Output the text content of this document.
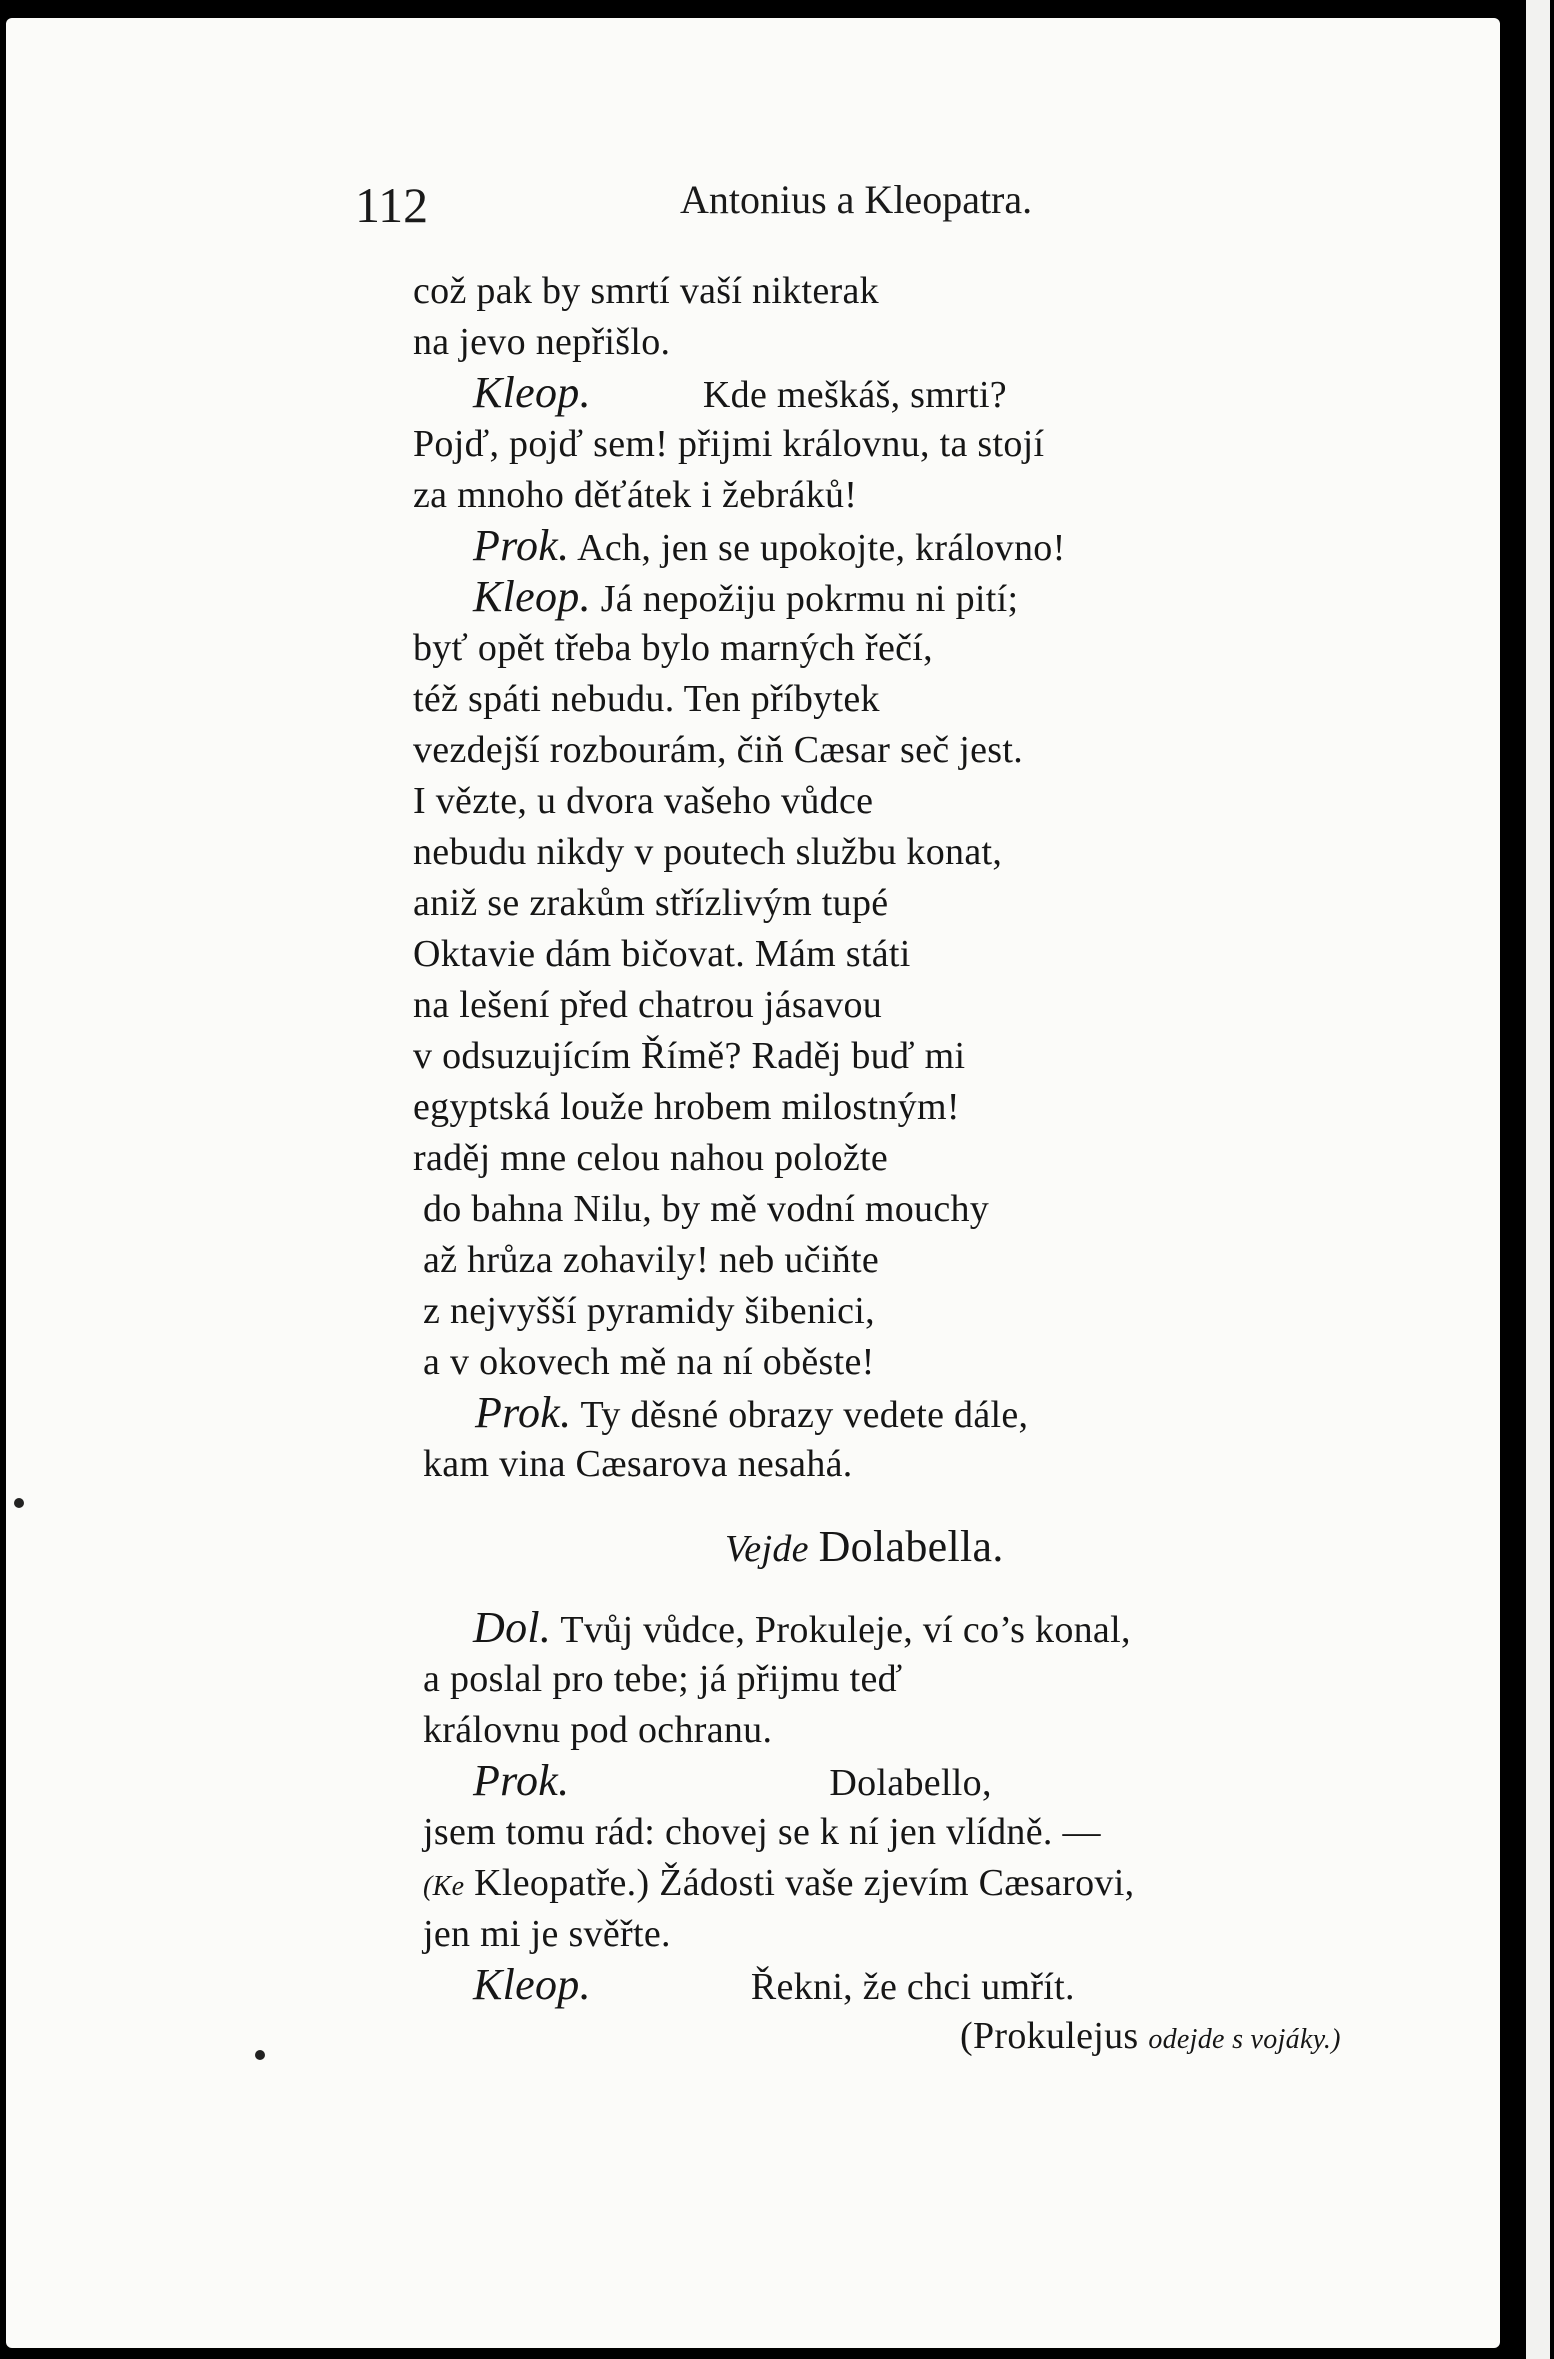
112	Antonius a Kleopatra.
což pak by smrtí vaší nikterak
na jevo nepřišlo.
Kleop.	Kde meškáš, smrti?
Pojď, pojď sem! přijmi královnu, ta stojí
za mnoho děťátek i žebráků!
Prok. Ach, jen se upokojte, královno!
Kleop. Já nepožiju pokrmu ni pití;
byť opět třeba bylo marných řečí,
též spáti nebudu. Ten příbytek
vezdejší rozbourám, čiň Cæsar seč jest.
I vězte, u dvora vašeho vůdce
nebudu nikdy v poutech službu konat,
aniž se zrakům střízlivým tupé
Oktavie dám bičovat. Mám státi
na lešení před chatrou jásavou
v odsuzujícím Římě? Raděj buď mi
egyptská louže hrobem milostným!
raděj mne celou nahou položte
do bahna Nilu, by mě vodní mouchy
až hrůza zohavily! neb učiňte
z nejvyšší pyramidy šibenici,
a v okovech mě na ní oběste!
Prok. Ty děsné obrazy vedete dále,
kam vina Cæsarova nesahá.
Vejde Dolabella.
Dol. Tvůj vůdce, Prokuleje, ví co’s konal,
a poslal pro tebe; já přijmu teď
královnu pod ochranu.
Prok.	Dolabello,
jsem tomu rád: chovej se k ní jen vlídně. —
(Ke Kleopatře.) Žádosti vaše zjevím Cæsarovi,
jen mi je svěřte.
Kleop.	Řekni, že chci umřít.
(Prokulejus odejde s vojáky.)
